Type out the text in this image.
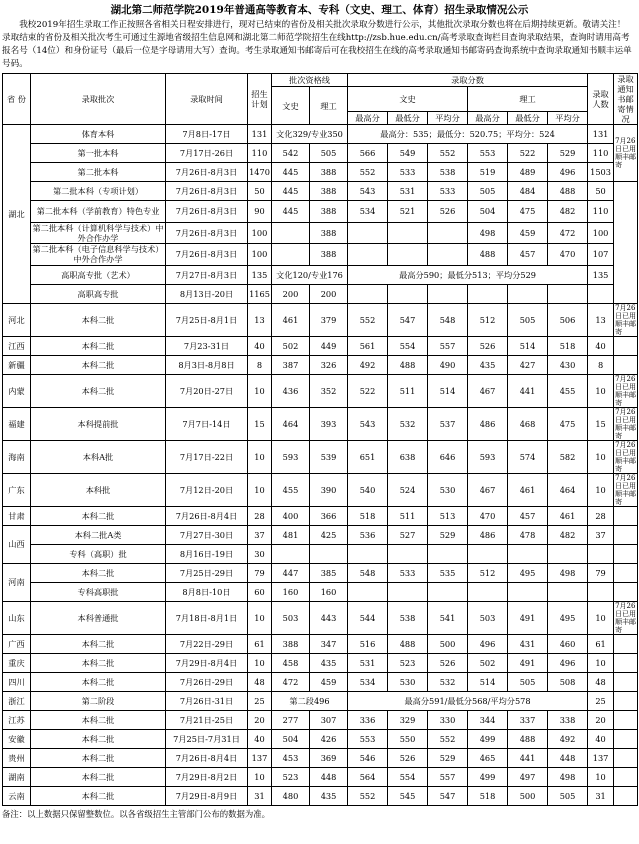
湖北第二师范学院2019年普通高等教育本、专科（文史、理工、体育）招生录取情况公示

我校2019年招生录取工作正按照各省相关日程安排进行，现对已结束的省份及相关批次录取分数进行公示，其他批次录取分数也将在后期持续更新。敬请关注！

录取结束的省份及相关批次考生可通过生源地省级招生信息网和湖北第二师范学院招生在线http://zsb.hue.edu.cn/高考录取查询栏目查询录取结果，查询时请用高考报名号（14位）和身份证号（最后一位是字母请用大写）查询。考生录取通知书邮寄后可在我校招生在线的高考录取通知书邮寄码查询系统中查询录取通知书顺丰运单号码。

省 份	录取批次	录取时间	招生计划	批次资格线		录取分数						录取人数	录取通知书邮寄情况
				文史	理工	文史			理工				
						最高分	最低分	平均分	最高分	最低分	平均分		
湖北	体育本科	7月8日-17日	131	文化329/专业350		最高分：535；最低分：520.75；平均分：524						131	7月26日已用顺丰邮寄
	第一批本科	7月17日-26日	110	542	505	566	549	552	553	522	529	110	
	第二批本科	7月26日-8月3日	1470	445	388	552	533	538	519	489	496	1503	
	第二批本科（专项计划）	7月26日-8月3日	50	445	388	543	531	533	505	484	488	50	
	第二批本科（学前教育）特色专业	7月26日-8月3日	90	445	388	534	521	526	504	475	482	110	
	第二批本科（计算机科学与技术）中外合作办学	7月26日-8月3日	100		388				498	459	472	100	
	第二批本科（电子信息科学与技术）中外合作办学	7月26日-8月3日	100		388				488	457	470	107	
	高职高专批（艺术）	7月27日-8月3日	135	文化120/专业176		最高分590；最低分513；平均分529						135	
	高职高专批	8月13日-20日	1165	200	200								
河北	本科二批	7月25日-8月1日	13	461	379	552	547	548	512	505	506	13	7月26日已用顺丰邮寄
江西	本科二批	7月23-31日	40	502	449	561	554	557	526	514	518	40	
新疆	本科二批	8月3日-8月8日	8	387	326	492	488	490	435	427	430	8	
内蒙	本科二批	7月20日-27日	10	436	352	522	511	514	467	441	455	10	7月26日已用顺丰邮寄
福建	本科提前批	7月7日-14日	15	464	393	543	532	537	486	468	475	15	7月26日已用顺丰邮寄
海南	本科A批	7月17日-22日	10	593	539	651	638	646	593	574	582	10	7月26日已用顺丰邮寄
广东	本科批	7月12日-20日	10	455	390	540	524	530	467	461	464	10	7月26日已用顺丰邮寄
甘肃	本科二批	7月26日-8月4日	28	400	366	518	511	513	470	457	461	28	
山西	本科二批A类	7月27日-30日	37	481	425	536	527	529	486	478	482	37	
	专科（高职）批	8月16日-19日	30										
河南	本科二批	7月25日-29日	79	447	385	548	533	535	512	495	498	79	
	专科高职批	8月8日-10日	60	160	160								
山东	本科普通批	7月18日-8月1日	10	503	443	544	538	541	503	491	495	10	7月26日已用顺丰邮寄
广西	本科二批	7月22日-29日	61	388	347	516	488	500	496	431	460	61	
重庆	本科二批	7月29日-8月4日	10	458	435	531	523	526	502	491	496	10	
四川	本科二批	7月26日-29日	48	472	459	534	530	532	514	505	508	48	
浙江	第二阶段	7月26日-31日	25	第二段496		最高分591/最低分568/平均分578						25	
江苏	本科二批	7月21日-25日	20	277	307	336	329	330	344	337	338	20	
安徽	本科二批	7月25日-7月31日	40	504	426	553	550	552	499	488	492	40	
贵州	本科二批	7月26日-8月4日	137	453	369	546	526	529	465	441	448	137	
湖南	本科二批	7月29日-8月2日	10	523	448	564	554	557	499	497	498	10	
云南	本科二批	7月29日-8月9日	31	480	435	552	545	547	518	500	505	31	
备注：以上数据只保留整数位。以各省级招生主管部门公布的数据为准。
